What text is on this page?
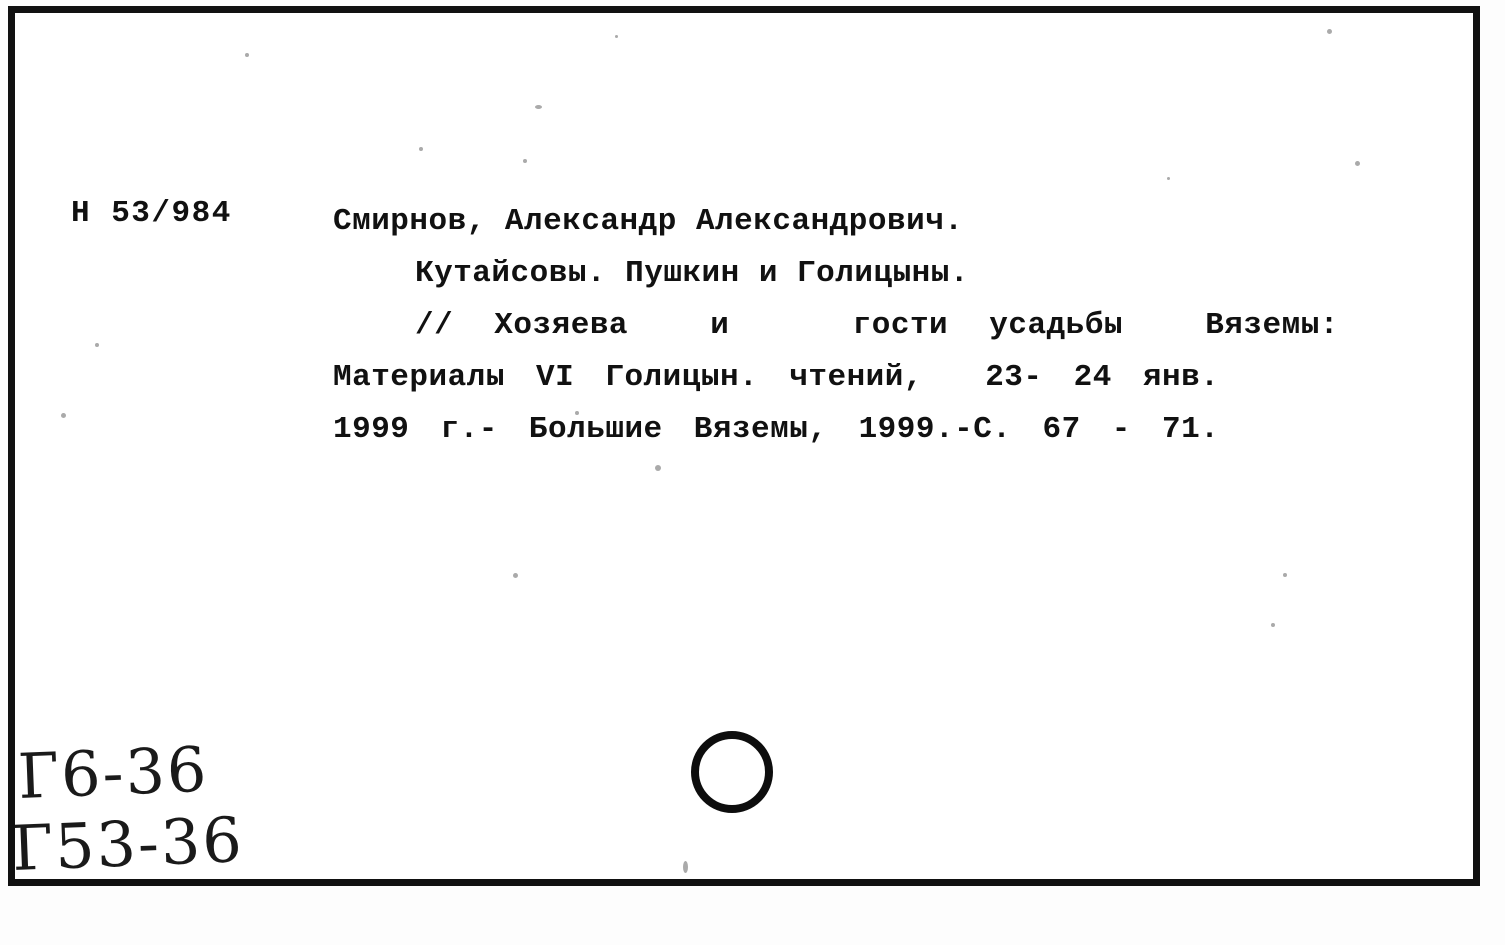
Н 53/984	Смирнов, Александр Александрович.
Кутайсовы. Пушкин и Голицыны.
// Хозяева  и   гости усадьбы  Вяземы:
Материалы VI Голицын. чтений,  23- 24 янв.
1999 г.- Большие Вяземы, 1999.-С. 67 - 71.
Г6-36
Г53-36
